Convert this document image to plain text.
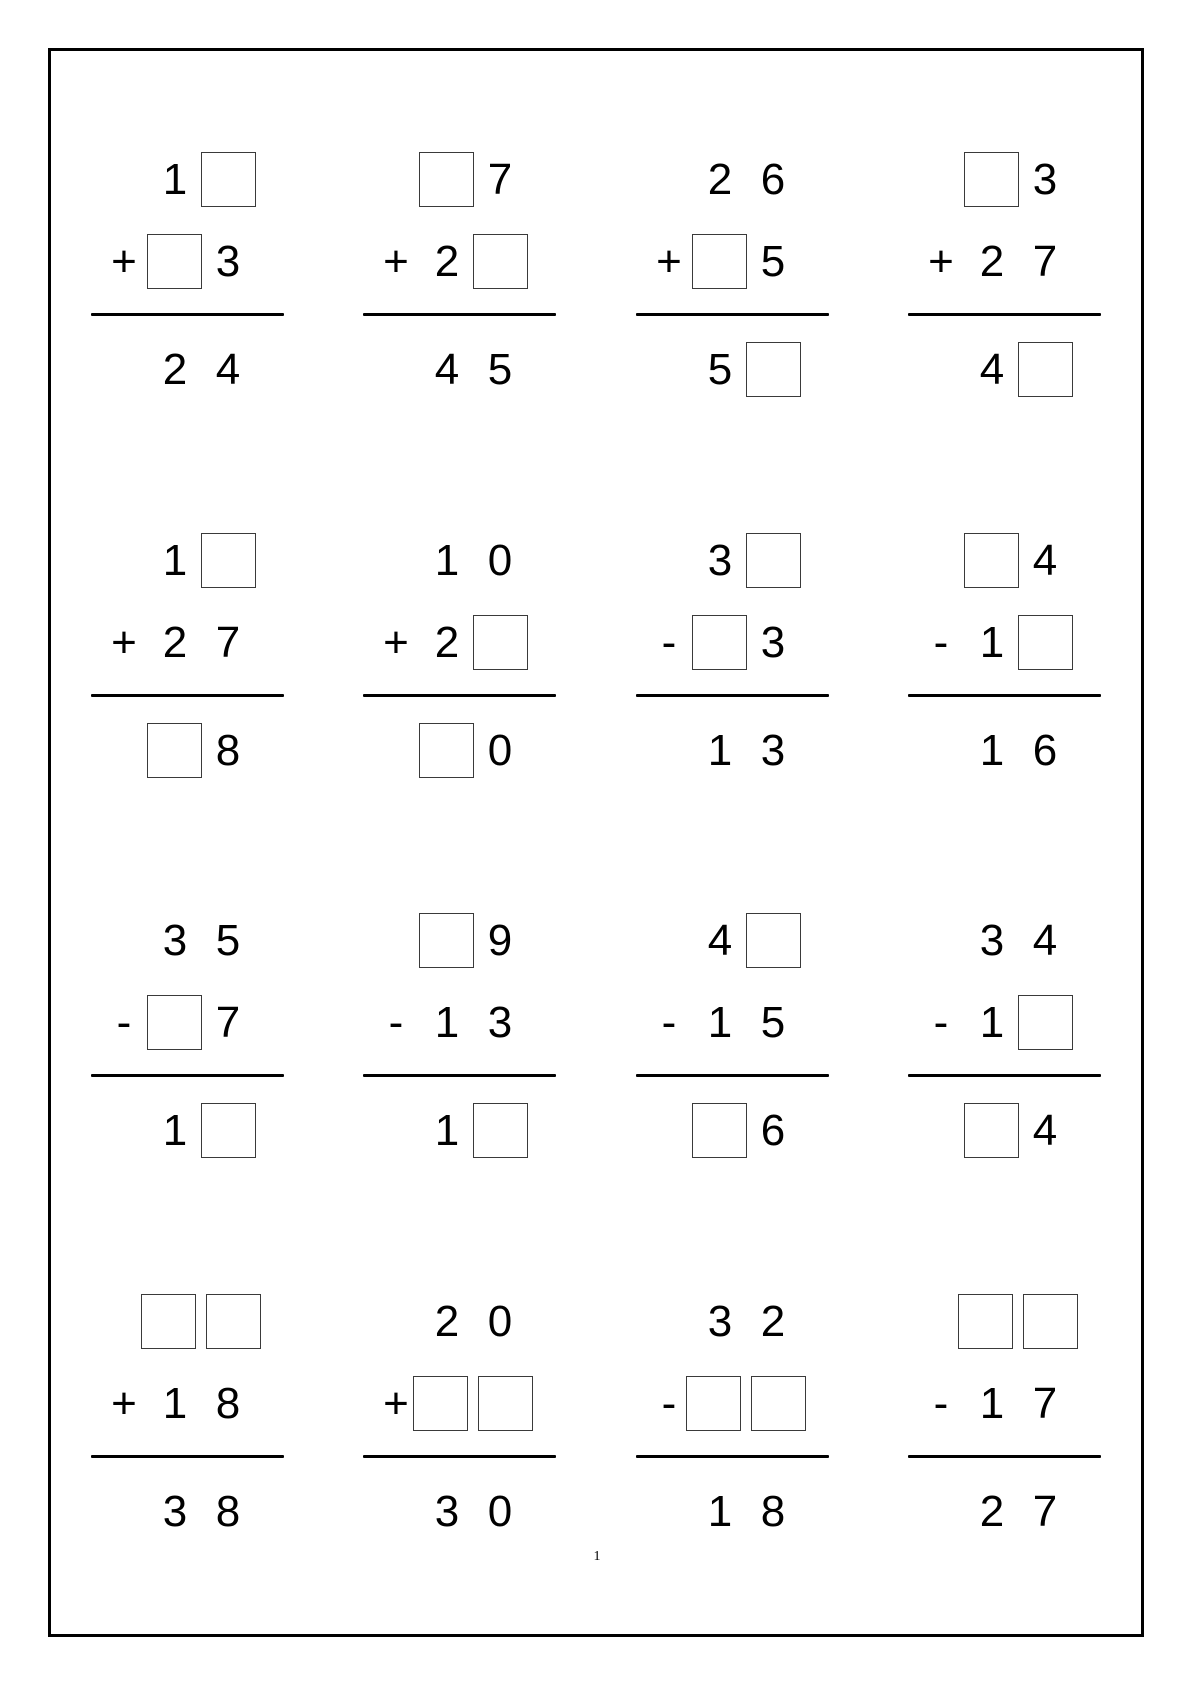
1
+ 3
2 4
7
+ 2
4 5
2 6
+ 5
5
3
+ 2 7
4
1
+ 2 7
8
1 0
+ 2
0
3
- 3
1 3
4
- 1
1 6
3 5
- 7
1
9
- 1 3
1
4
- 1 5
6
3 4
- 1
4
+ 1 8
3 8
2 0
+
3 0
3 2
-
1 8
- 1 7
2 7
1
